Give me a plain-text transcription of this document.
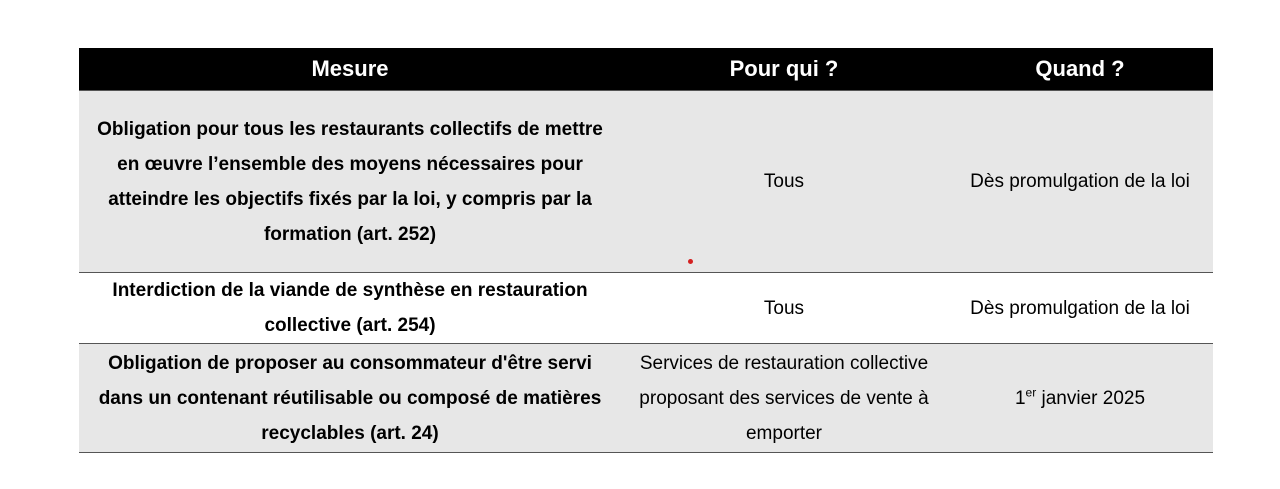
Mesure	Pour qui ?	Quand ?
Obligation pour tous les restaurants collectifs de mettre en œuvre l’ensemble des moyens nécessaires pour atteindre les objectifs fixés par la loi, y compris par la formation (art. 252)	Tous	Dès promulgation de la loi
Interdiction de la viande de synthèse en restauration collective (art. 254)	Tous	Dès promulgation de la loi
Obligation de proposer au consommateur d'être servi dans un contenant réutilisable ou composé de matières recyclables (art. 24)	Services de restauration collective proposant des services de vente à emporter	1er janvier 2025
